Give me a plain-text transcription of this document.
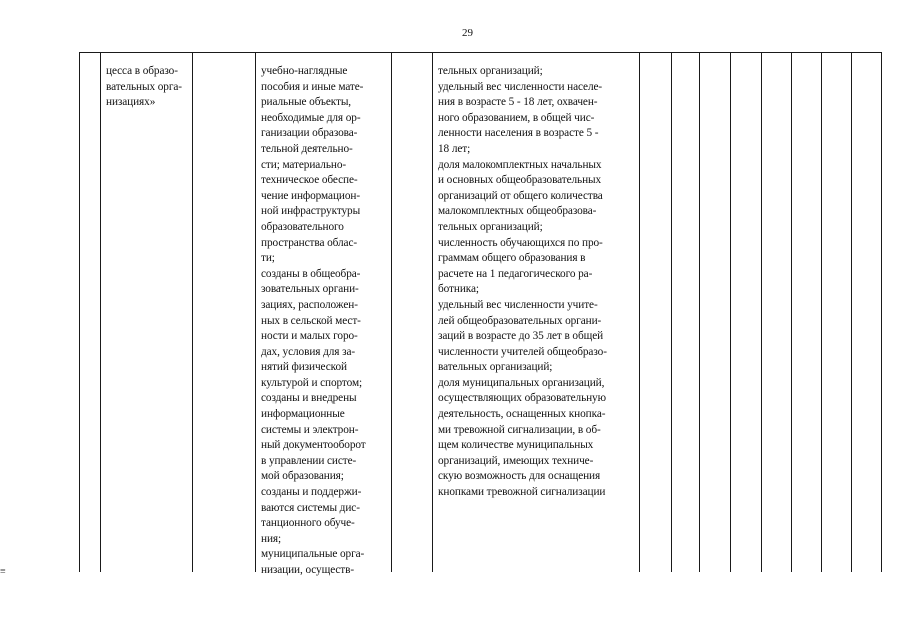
29
цесса в образо-
вательных орга-
низациях»
учебно-наглядные
пособия и иные мате-
риальные объекты,
необходимые для ор-
ганизации образова-
тельной деятельно-
сти; материально-
техническое обеспе-
чение информацион-
ной инфраструктуры
образовательного
пространства облас-
ти;
созданы в общеобра-
зовательных органи-
зациях, расположен-
ных в сельской мест-
ности и малых горо-
дах, условия для за-
нятий физической
культурой и спортом;
созданы и внедрены
информационные
системы и электрон-
ный документооборот
в управлении систе-
мой образования;
созданы и поддержи-
ваются системы дис-
танционного обуче-
ния;
муниципальные орга-
низации, осуществ-
тельных организаций;
удельный вес численности населе-
ния в возрасте 5 - 18 лет, охвачен-
ного образованием, в общей чис-
ленности населения в возрасте 5 -
18 лет;
доля малокомплектных начальных
и основных общеобразовательных
организаций от общего количества
малокомплектных общеобразова-
тельных организаций;
численность обучающихся по про-
граммам общего образования в
расчете на 1 педагогического ра-
ботника;
удельный вес численности учите-
лей общеобразовательных органи-
заций в возрасте до 35 лет в общей
численности учителей общеобразо-
вательных организаций;
доля муниципальных организаций,
осуществляющих образовательную
деятельность, оснащенных кнопка-
ми тревожной сигнализации, в об-
щем количестве муниципальных
организаций, имеющих техниче-
скую возможность для оснащения
кнопками тревожной сигнализации
≡
